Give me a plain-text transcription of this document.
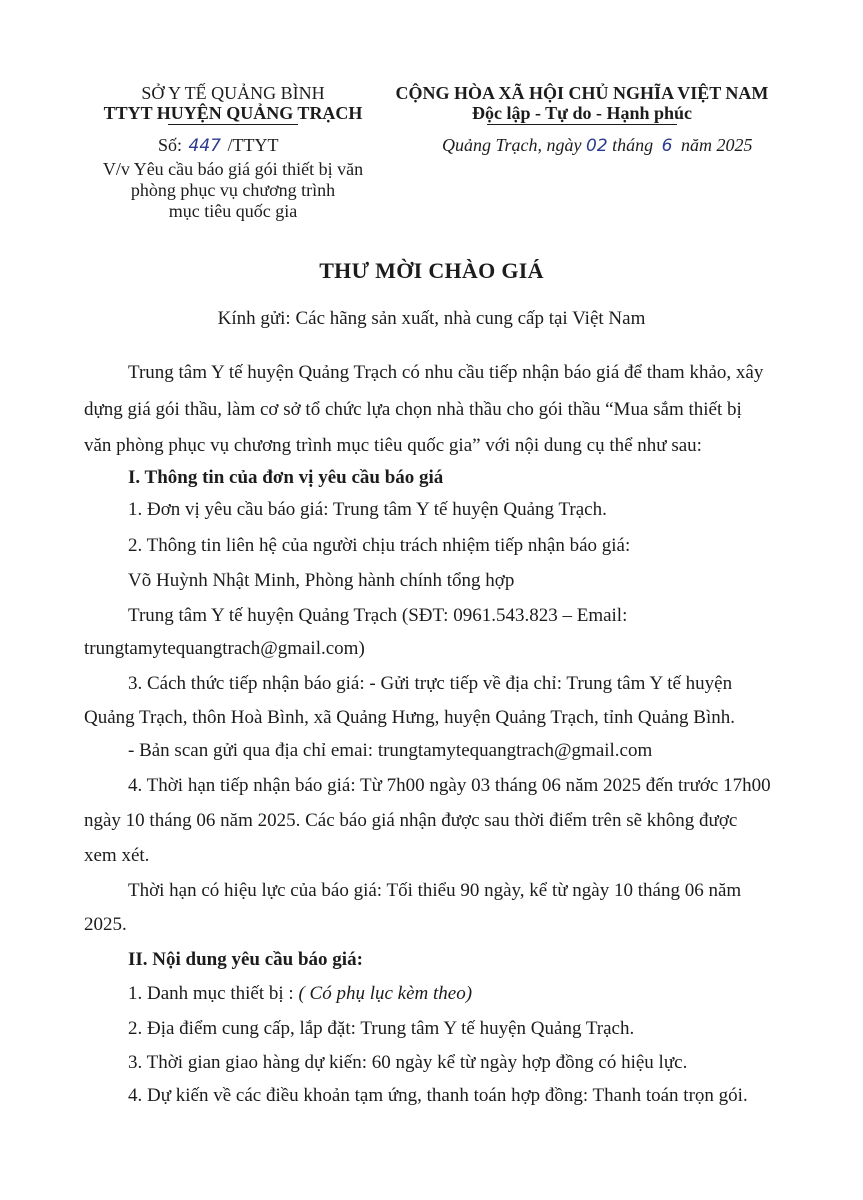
SỞ Y TẾ QUẢNG BÌNH
TTYT HUYỆN QUẢNG TRẠCH
Số: 447 /TTYT
V/v Yêu cầu báo giá gói thiết bị văn
phòng phục vụ chương trình
mục tiêu quốc gia
CỘNG HÒA XÃ HỘI CHỦ NGHĨA VIỆT NAM
Độc lập - Tự do - Hạnh phúc
Quảng Trạch, ngày 02 tháng 6 năm 2025
THƯ MỜI CHÀO GIÁ
Kính gửi: Các hãng sản xuất, nhà cung cấp tại Việt Nam
Trung tâm Y tế huyện Quảng Trạch có nhu cầu tiếp nhận báo giá để tham khảo, xây
dựng giá gói thầu, làm cơ sở tổ chức lựa chọn nhà thầu cho gói thầu “Mua sắm thiết bị
văn phòng phục vụ chương trình mục tiêu quốc gia” với nội dung cụ thể như sau:
I. Thông tin của đơn vị yêu cầu báo giá
1. Đơn vị yêu cầu báo giá: Trung tâm Y tế huyện Quảng Trạch.
2. Thông tin liên hệ của người chịu trách nhiệm tiếp nhận báo giá:
Võ Huỳnh Nhật Minh, Phòng hành chính tổng hợp
Trung tâm Y tế huyện Quảng Trạch (SĐT: 0961.543.823 – Email:
trungtamytequangtrach@gmail.com)
3. Cách thức tiếp nhận báo giá: - Gửi trực tiếp về địa chỉ: Trung tâm Y tế huyện
Quảng Trạch, thôn Hoà Bình, xã Quảng Hưng, huyện Quảng Trạch, tỉnh Quảng Bình.
- Bản scan gửi qua địa chỉ emai: trungtamytequangtrach@gmail.com
4. Thời hạn tiếp nhận báo giá: Từ 7h00 ngày 03 tháng 06 năm 2025 đến trước 17h00
ngày 10 tháng 06 năm 2025. Các báo giá nhận được sau thời điểm trên sẽ không được
xem xét.
Thời hạn có hiệu lực của báo giá: Tối thiểu 90 ngày, kể từ ngày 10 tháng 06 năm
2025.
II. Nội dung yêu cầu báo giá:
1. Danh mục thiết bị : ( Có phụ lục kèm theo)
2. Địa điểm cung cấp, lắp đặt: Trung tâm Y tế huyện Quảng Trạch.
3. Thời gian giao hàng dự kiến: 60 ngày kể từ ngày hợp đồng có hiệu lực.
4. Dự kiến về các điều khoản tạm ứng, thanh toán hợp đồng: Thanh toán trọn gói.
